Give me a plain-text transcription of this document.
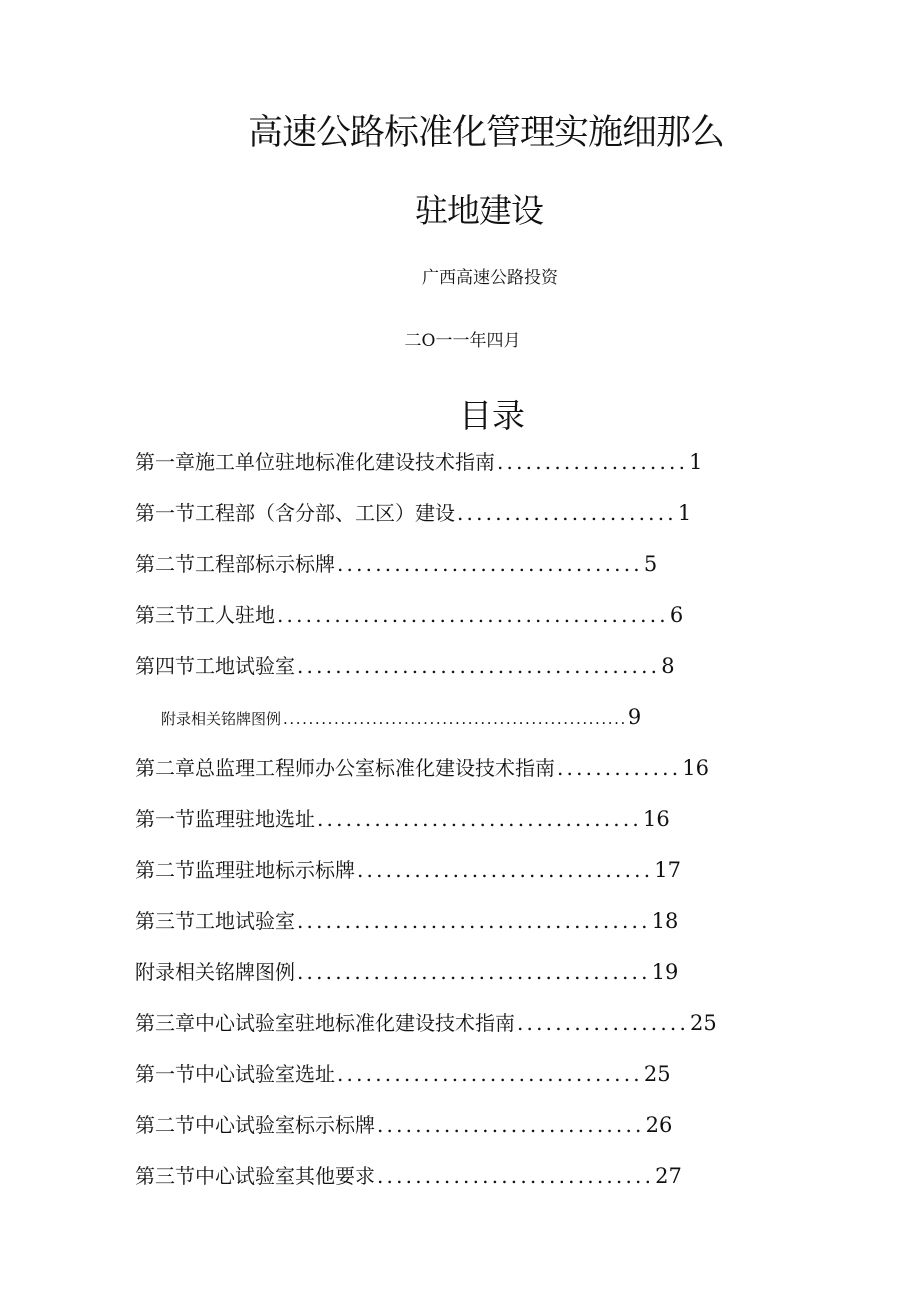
高速公路标准化管理实施细那么
驻地建设
广西高速公路投资
二O一一年四月
目录
第一章施工单位驻地标准化建设技术指南 ....................1
第一节工程部（含分部、工区）建设 .......................1
第二节工程部标示标牌 ................................5
第三节工人驻地 .........................................6
第四节工地试验室 ......................................8
附录相关铭牌图例 ......................................................9
第二章总监理工程师办公室标准化建设技术指南 .............16
第一节监理驻地选址 ..................................16
第二节监理驻地标示标牌 ...............................17
第三节工地试验室 .....................................18
附录相关铭牌图例 .....................................19
第三章中心试验室驻地标准化建设技术指南 ..................25
第一节中心试验室选址 ................................25
第二节中心试验室标示标牌 ............................26
第三节中心试验室其他要求 .............................27
